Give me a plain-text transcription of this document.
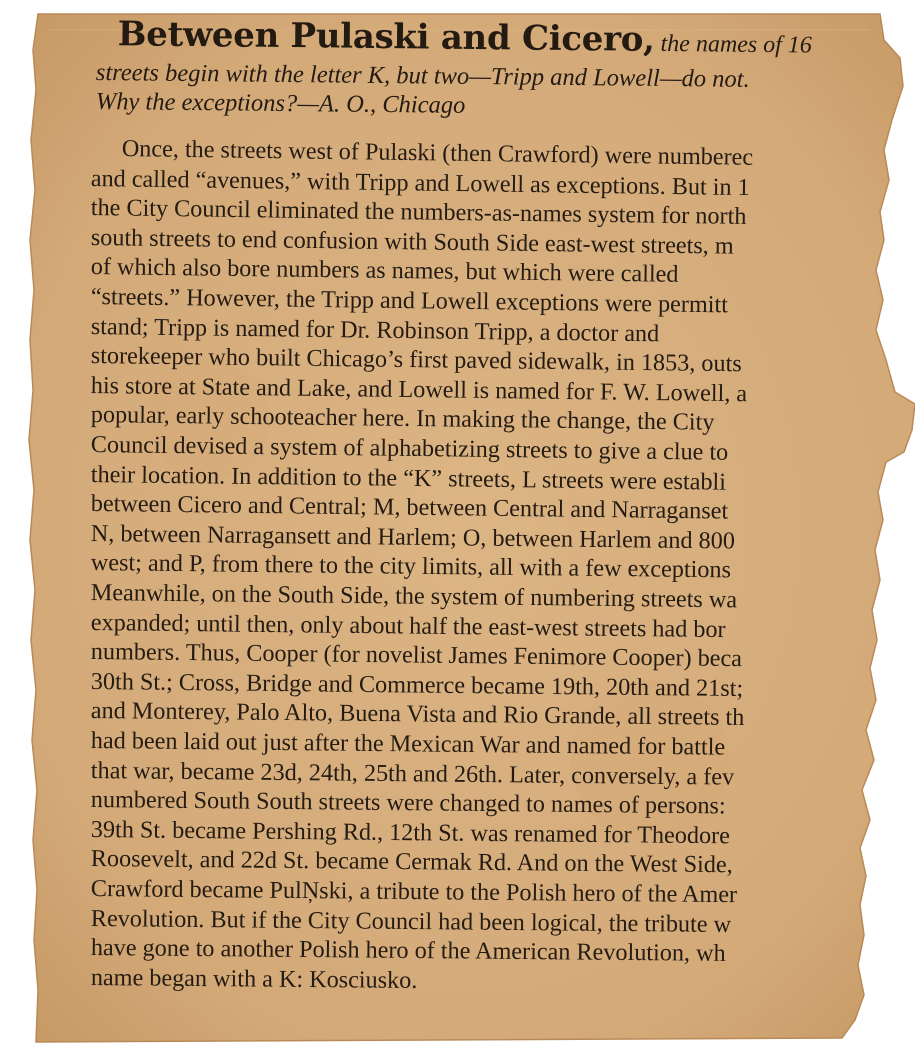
Between Pulaski and Cicero, the names of 16
streets begin with the letter K, but two—Tripp and Lowell—do not.
Why the exceptions?—A. O., Chicago
Once, the streets west of Pulaski (then Crawford) were numberec
and called “avenues,” with Tripp and Lowell as exceptions. But in 1
the City Council eliminated the numbers-as-names system for north
south streets to end confusion with South Side east-west streets, m
of which also bore numbers as names, but which were called
“streets.” However, the Tripp and Lowell exceptions were permitt
stand; Tripp is named for Dr. Robinson Tripp, a doctor and
storekeeper who built Chicago’s first paved sidewalk, in 1853, outs
his store at State and Lake, and Lowell is named for F. W. Lowell, a
popular, early schooteacher here. In making the change, the City
Council devised a system of alphabetizing streets to give a clue to
their location. In addition to the “K” streets, L streets were establi
between Cicero and Central; M, between Central and Narraganset
N, between Narragansett and Harlem; O, between Harlem and 800
west; and P, from there to the city limits, all with a few exceptions
Meanwhile, on the South Side, the system of numbering streets wa
expanded; until then, only about half the east-west streets had bor
numbers. Thus, Cooper (for novelist James Fenimore Cooper) beca
30th St.; Cross, Bridge and Commerce became 19th, 20th and 21st;
and Monterey, Palo Alto, Buena Vista and Rio Grande, all streets th
had been laid out just after the Mexican War and named for battle
that war, became 23d, 24th, 25th and 26th. Later, conversely, a fev
numbered South South streets were changed to names of persons:
39th St. became Pershing Rd., 12th St. was renamed for Theodore
Roosevelt, and 22d St. became Cermak Rd. And on the West Side,
Crawford became PulŅski, a tribute to the Polish hero of the Amer
Revolution. But if the City Council had been logical, the tribute w
have gone to another Polish hero of the American Revolution, wh
name began with a K: Kosciusko.
